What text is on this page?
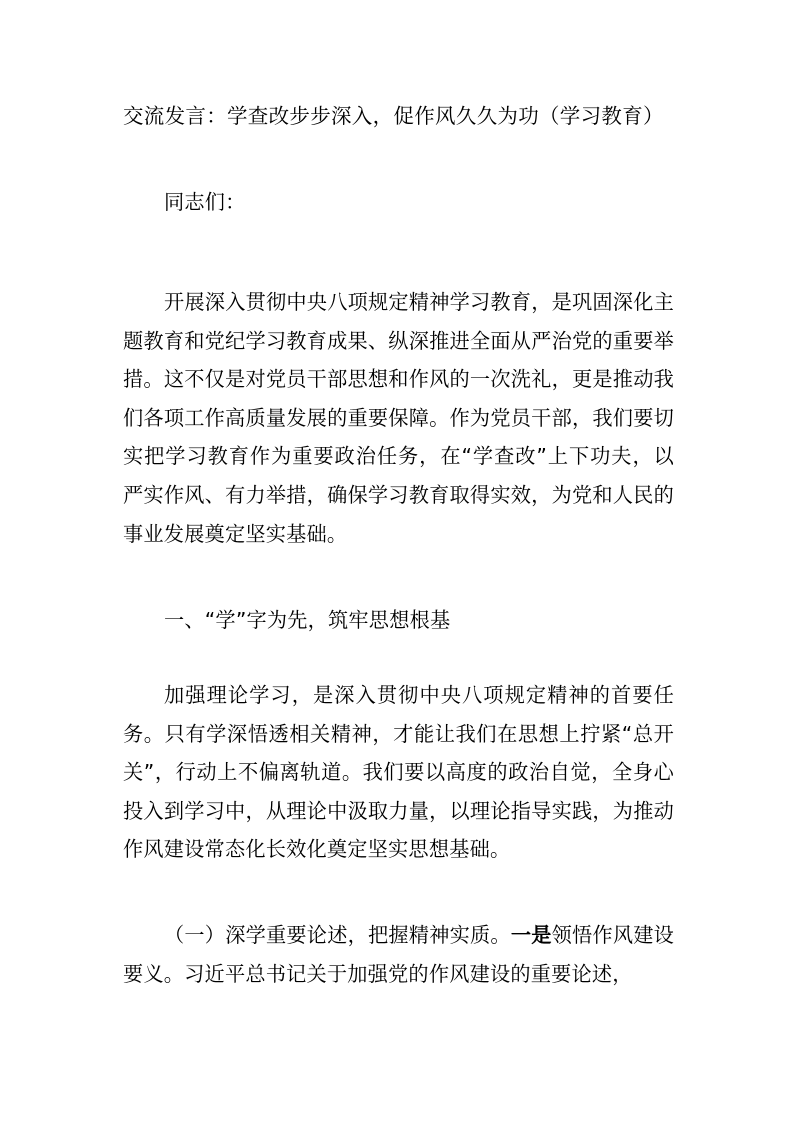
交流发言：学查改步步深入，促作风久久为功（学习教育）
同志们：
开展深入贯彻中央八项规定精神学习教育，是巩固深化主题教育和党纪学习教育成果、纵深推进全面从严治党的重要举措。这不仅是对党员干部思想和作风的一次洗礼，更是推动我们各项工作高质量发展的重要保障。作为党员干部，我们要切实把学习教育作为重要政治任务，在“学查改”上下功夫，以严实作风、有力举措，确保学习教育取得实效，为党和人民的事业发展奠定坚实基础。
一、“学”字为先，筑牢思想根基
加强理论学习，是深入贯彻中央八项规定精神的首要任务。只有学深悟透相关精神，才能让我们在思想上拧紧“总开关”，行动上不偏离轨道。我们要以高度的政治自觉，全身心投入到学习中，从理论中汲取力量，以理论指导实践，为推动作风建设常态化长效化奠定坚实思想基础。
（一）深学重要论述，把握精神实质。一是领悟作风建设要义。习近平总书记关于加强党的作风建设的重要论述，
